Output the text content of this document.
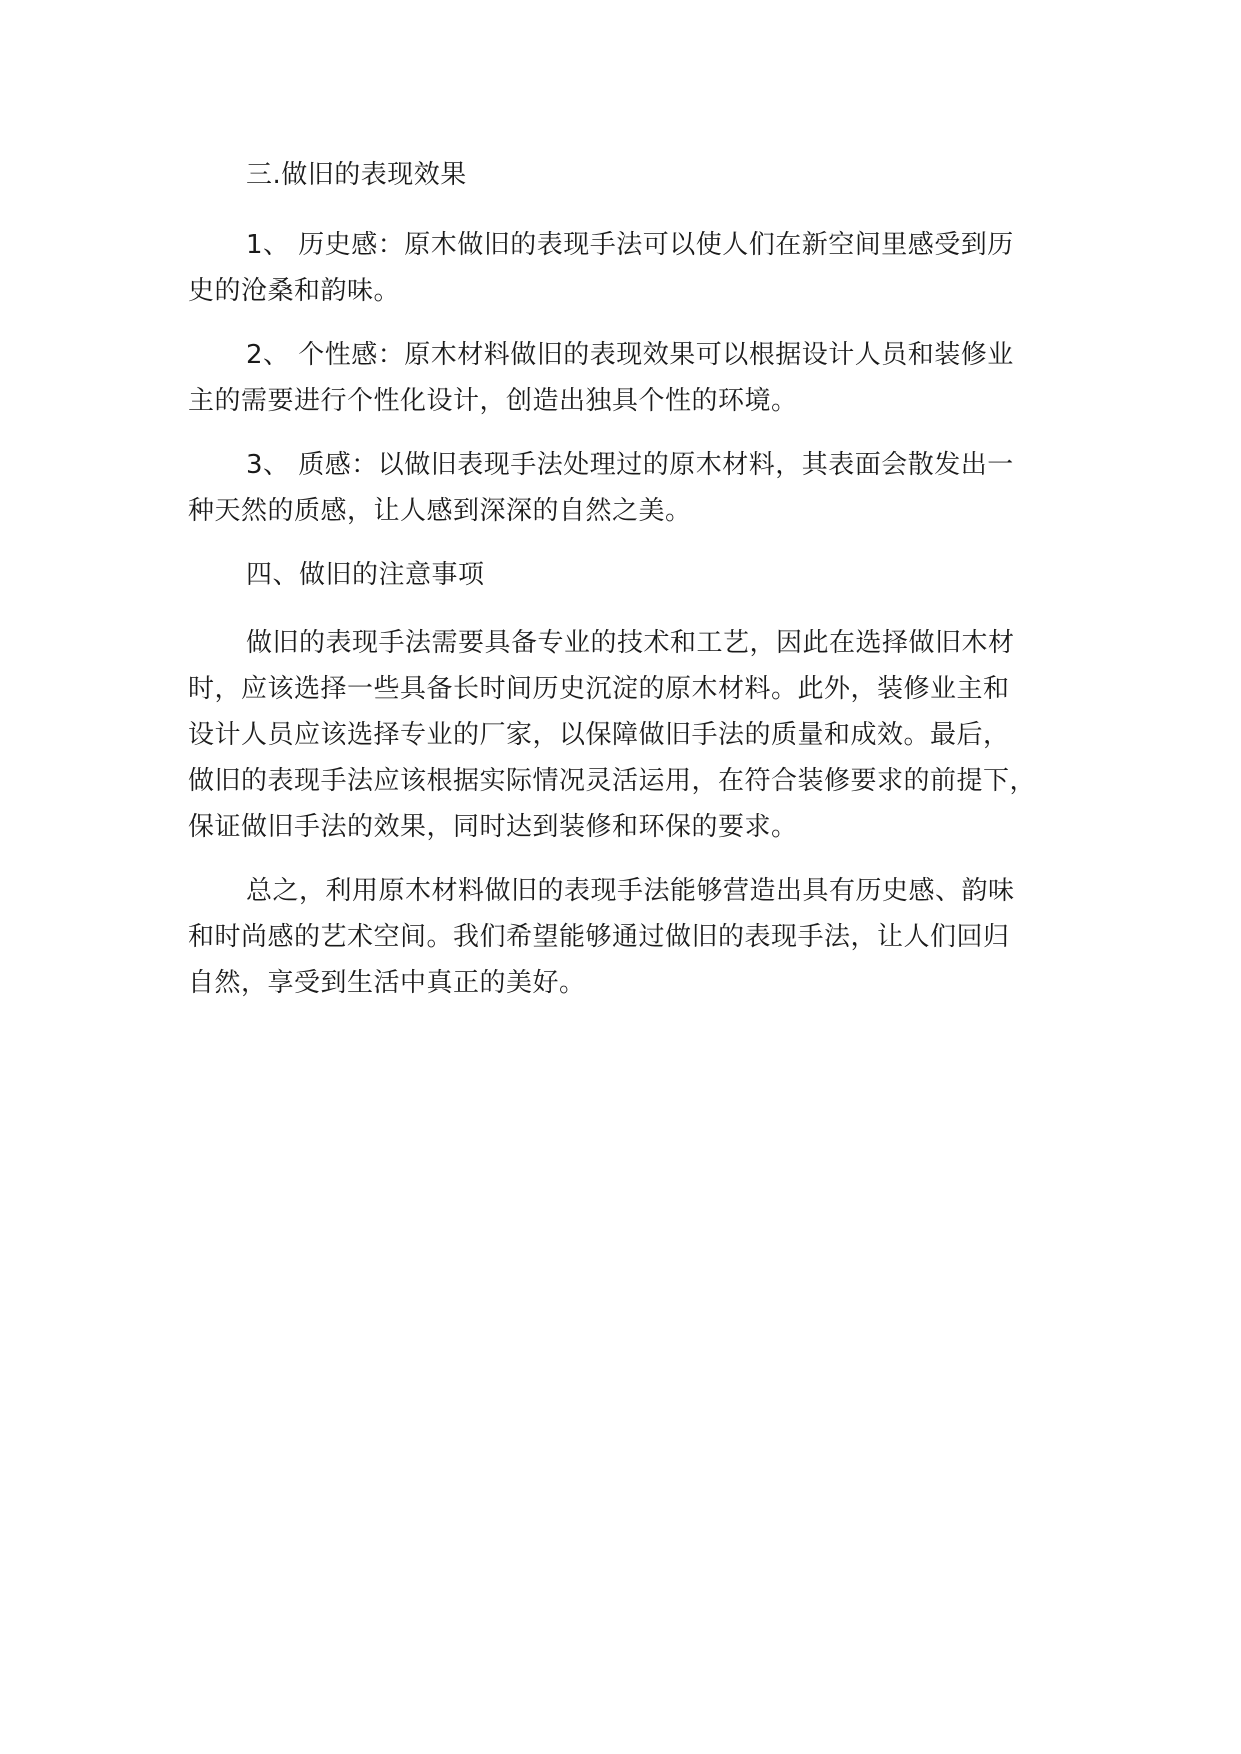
三.做旧的表现效果

1、 历史感：原木做旧的表现手法可以使人们在新空间里感受到历
史的沧桑和韵味。

2、 个性感：原木材料做旧的表现效果可以根据设计人员和装修业
主的需要进行个性化设计，创造出独具个性的环境。

3、 质感：以做旧表现手法处理过的原木材料，其表面会散发出一
种天然的质感，让人感到深深的自然之美。

四、做旧的注意事项

做旧的表现手法需要具备专业的技术和工艺，因此在选择做旧木材
时，应该选择一些具备长时间历史沉淀的原木材料。此外，装修业主和
设计人员应该选择专业的厂家，以保障做旧手法的质量和成效。最后，
做旧的表现手法应该根据实际情况灵活运用，在符合装修要求的前提下，
保证做旧手法的效果，同时达到装修和环保的要求。

总之，利用原木材料做旧的表现手法能够营造出具有历史感、韵味
和时尚感的艺术空间。我们希望能够通过做旧的表现手法，让人们回归
自然，享受到生活中真正的美好。
